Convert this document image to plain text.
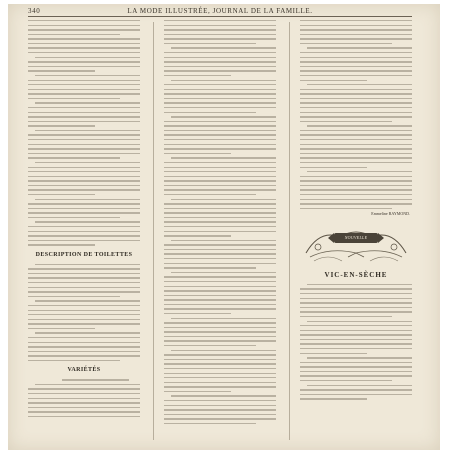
340	LA MODE ILLUSTRÉE, JOURNAL DE LA FAMILLE.
DESCRIPTION DE TOILETTES
VARIÉTÉS
Emmeline RAYMOND.
NOUVELLE
VIC-EN-SÈCHE
